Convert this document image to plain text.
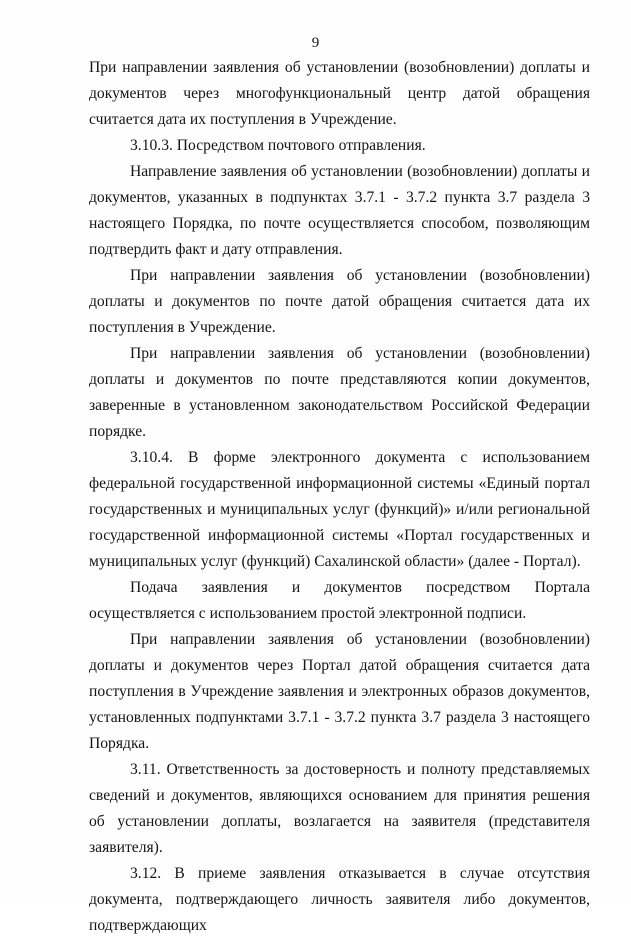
9

При направлении заявления об установлении (возобновлении) доплаты и документов через многофункциональный центр датой обращения считается дата их поступления в Учреждение.

3.10.3. Посредством почтового отправления.

Направление заявления об установлении (возобновлении) доплаты и документов, указанных в подпунктах 3.7.1 - 3.7.2 пункта 3.7 раздела 3 настоящего Порядка, по почте осуществляется способом, позволяющим подтвердить факт и дату отправления.

При направлении заявления об установлении (возобновлении) доплаты и документов по почте датой обращения считается дата их поступления в Учреждение.

При направлении заявления об установлении (возобновлении) доплаты и документов по почте представляются копии документов, заверенные в установленном законодательством Российской Федерации порядке.

3.10.4. В форме электронного документа с использованием федеральной государственной информационной системы «Единый портал государственных и муниципальных услуг (функций)» и/или региональной государственной информационной системы «Портал государственных и муниципальных услуг (функций) Сахалинской области» (далее - Портал).

Подача заявления и документов посредством Портала осуществляется с использованием простой электронной подписи.

При направлении заявления об установлении (возобновлении) доплаты и документов через Портал датой обращения считается дата поступления в Учреждение заявления и электронных образов документов, установленных подпунктами 3.7.1 - 3.7.2 пункта 3.7 раздела 3 настоящего Порядка.

3.11. Ответственность за достоверность и полноту представляемых сведений и документов, являющихся основанием для принятия решения об установлении доплаты, возлагается на заявителя (представителя заявителя).

3.12. В приеме заявления отказывается в случае отсутствия документа, подтверждающего личность заявителя либо документов, подтверждающих
